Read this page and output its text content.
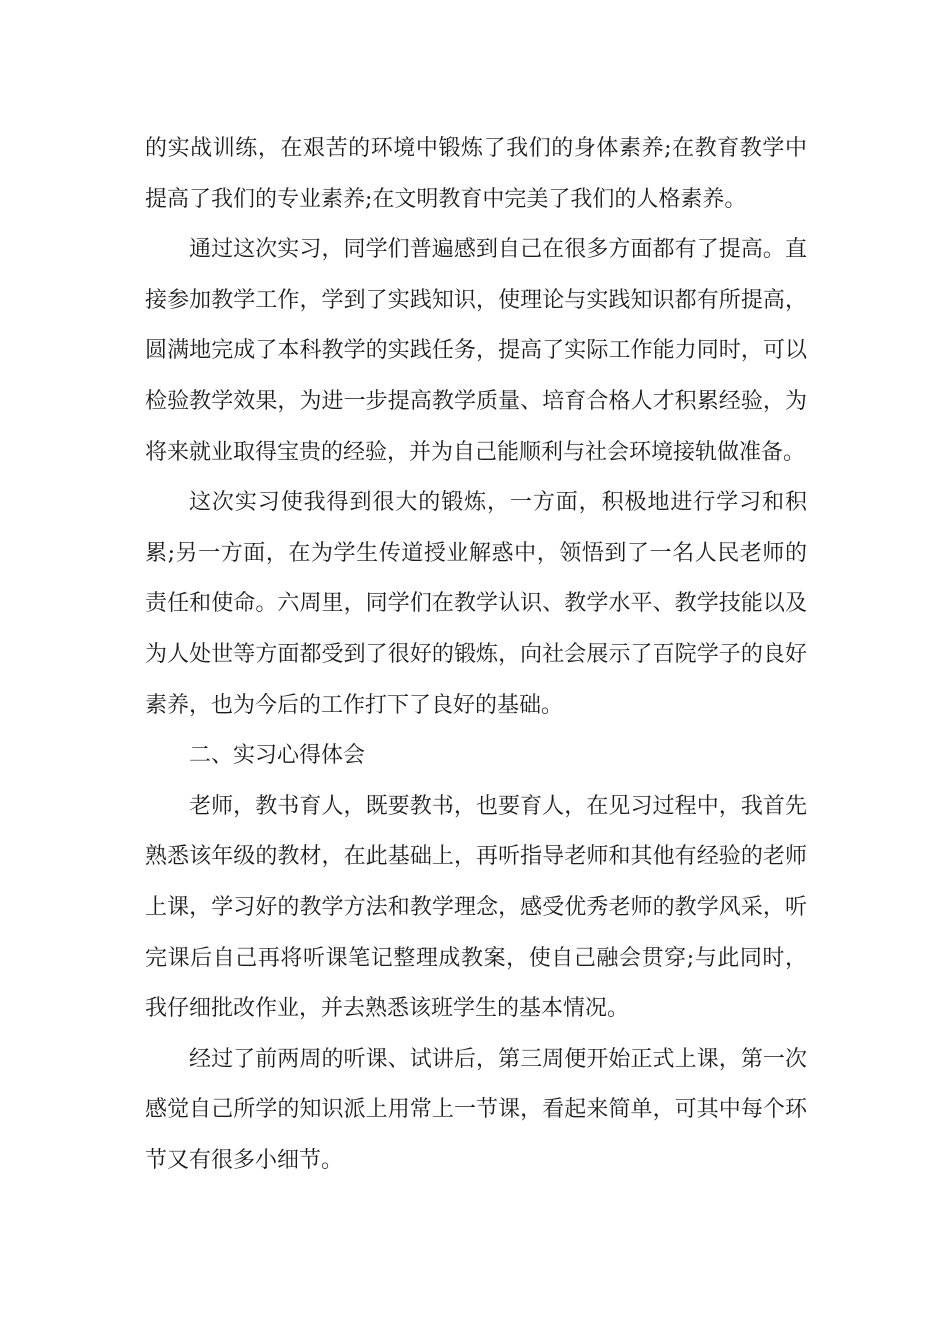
的实战训练，在艰苦的环境中锻炼了我们的身体素养;在教育教学中提高了我们的专业素养;在文明教育中完美了我们的人格素养。

通过这次实习，同学们普遍感到自己在很多方面都有了提高。直接参加教学工作，学到了实践知识，使理论与实践知识都有所提高，圆满地完成了本科教学的实践任务，提高了实际工作能力同时，可以检验教学效果，为进一步提高教学质量、培育合格人才积累经验，为将来就业取得宝贵的经验，并为自己能顺利与社会环境接轨做准备。

这次实习使我得到很大的锻炼，一方面，积极地进行学习和积累;另一方面，在为学生传道授业解惑中，领悟到了一名人民老师的责任和使命。六周里，同学们在教学认识、教学水平、教学技能以及为人处世等方面都受到了很好的锻炼，向社会展示了百院学子的良好素养，也为今后的工作打下了良好的基础。

二、实习心得体会

老师，教书育人，既要教书，也要育人，在见习过程中，我首先熟悉该年级的教材，在此基础上，再听指导老师和其他有经验的老师上课，学习好的教学方法和教学理念，感受优秀老师的教学风采，听完课后自己再将听课笔记整理成教案，使自己融会贯穿;与此同时，我仔细批改作业，并去熟悉该班学生的基本情况。

经过了前两周的听课、试讲后，第三周便开始正式上课，第一次感觉自己所学的知识派上用常上一节课，看起来简单，可其中每个环节又有很多小细节。
